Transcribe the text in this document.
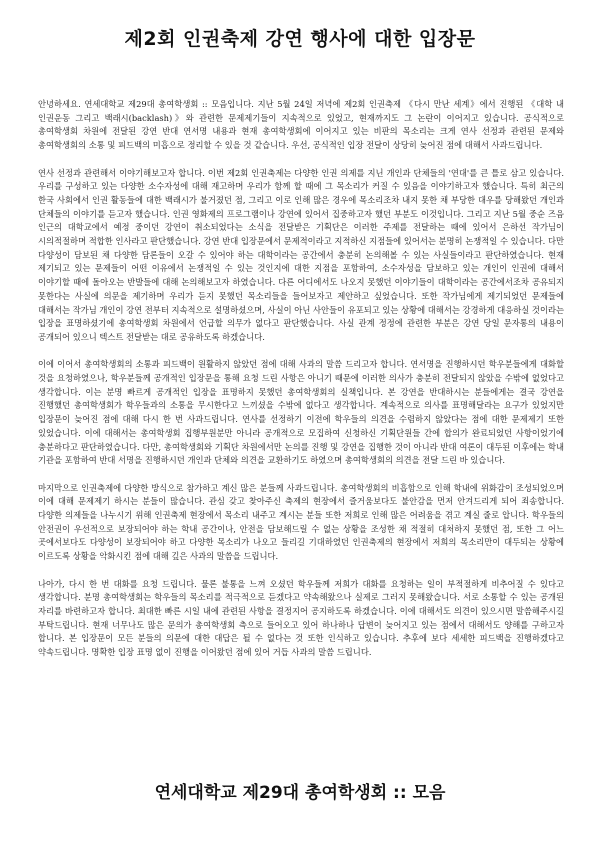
제2회 인권축제 강연 행사에 대한 입장문

안녕하세요. 연세대학교 제29대 총여학생회 :: 모음입니다. 지난 5월 24일 저녁에 제2회 인권축제 《다시 만난 세계》에서 진행된 《대학 내 인권운동 그리고 백래시(backlash)》와 관련한 문제제기들이 지속적으로 있었고, 현재까지도 그 논란이 이어지고 있습니다. 공식적으로 총여학생회 차원에 전달된 강연 반대 연서명 내용과 현재 총여학생회에 이어지고 있는 비판의 목소리는 크게 연사 선정과 관련된 문제와 총여학생회의 소통 및 피드백의 미흡으로 정리할 수 있을 것 같습니다. 우선, 공식적인 입장 전달이 상당히 늦어진 점에 대해서 사과드립니다.

연사 선정과 관련해서 이야기해보고자 합니다. 이번 제2회 인권축제는 다양한 인권 의제를 지닌 개인과 단체들의 '연대'를 큰 틀로 삼고 있습니다. 우리를 구성하고 있는 다양한 소수자성에 대해 재고하며 우리가 함께 할 때에 그 목소리가 커질 수 있음을 이야기하고자 했습니다. 특히 최근의 한국 사회에서 인권 활동들에 대한 백래시가 불거졌던 점, 그리고 이로 인해 많은 경우에 목소리조차 내지 못한 채 부당한 대우를 당해왔던 개인과 단체들의 이야기를 듣고자 했습니다. 인권 영화제의 프로그램이나 강연에 있어서 집중하고자 했던 부분도 이것입니다. 그리고 지난 5월 중순 즈음 인근의 대학교에서 예정 중이던 강연이 취소되었다는 소식을 전달받은 기획단은 이러한 주제를 전달하는 때에 있어서 은하선 작가님이 시의적절하며 적합한 인사라고 판단했습니다. 강연 반대 입장문에서 문제적이라고 지적하신 지점들에 있어서는 분명히 논쟁적일 수 있습니다. 다만 다양성이 담보된 채 다양한 담론들이 오갈 수 있어야 하는 대학이라는 공간에서 충분히 논의해볼 수 있는 사실들이라고 판단하였습니다. 현재 제기되고 있는 문제들이 어떤 이유에서 논쟁적일 수 있는 것인지에 대한 지점을 포함하여, 소수자성을 담보하고 있는 개인이 인권에 대해서 이야기할 때에 돌아오는 반발들에 대해 논의해보고자 하였습니다. 다른 어디에서도 나오지 못했던 이야기들이 대학이라는 공간에서조차 공유되지 못한다는 사실에 의문을 제기하며 우리가 듣지 못했던 목소리들을 들어보자고 제안하고 싶었습니다. 또한 작가님에게 제기되었던 문제들에 대해서는 작가님 개인이 강연 전부터 지속적으로 설명하셨으며, 사실이 아닌 사안들이 유포되고 있는 상황에 대해서는 강경하게 대응하실 것이라는 입장을 표명하셨기에 총여학생회 차원에서 언급할 의무가 없다고 판단했습니다. 사실 관계 정정에 관련한 부분은 강연 당일 문자통의 내용이 공개되어 있으니 텍스트 전달받는 대로 공유하도록 하겠습니다.

이에 이어서 총여학생회의 소통과 피드백이 원활하지 않았던 점에 대해 사과의 말씀 드리고자 합니다. 연서명을 진행하시던 학우분들에게 대화할 것을 요청하였으나, 학우분들께 공개적인 입장문을 통해 요청 드린 사항은 아니기 때문에 이러한 의사가 충분히 전달되지 않았을 수밖에 없었다고 생각합니다. 이는 분명 빠르게 공개적인 입장을 표명하지 못했던 총여학생회의 실책입니다. 본 강연을 반대하시는 분들에게는 결국 강연을 진행했던 총여학생회가 학우들과의 소통을 무시한다고 느끼셨을 수밖에 없다고 생각합니다. 계속적으로 의사를 표명해달라는 요구가 있었지만 입장문이 늦어진 점에 대해 다시 한 번 사과드립니다. 연사를 선정하기 이전에 학우들의 의견을 수렴하지 않았다는 점에 대한 문제제기 또한 있었습니다. 이에 대해서는 총여학생회 집행부원분만 아니라 공개적으로 모집하여 신청하신 기획단원들 간에 합의가 완료되었던 사항이었기에 충분하다고 판단하였습니다. 다만, 총여학생회와 기획단 차원에서만 논의를 진행 및 강연을 집행한 것이 아니라 반대 여론이 대두된 이후에는 학내 기관을 포함하여 반대 서명을 진행하시던 개인과 단체와 의견을 교환하기도 하였으며 총여학생회의 의견을 전달 드린 바 있습니다.

마지막으로 인권축제에 다양한 방식으로 참가하고 계신 많은 분들께 사과드립니다. 총여학생회의 비흡함으로 인해 학내에 위화감이 조성되었으며 이에 대해 문제제기 하시는 분들이 많습니다. 관심 갖고 찾아주신 축제의 현장에서 즐거움보다도 불안감을 먼저 안겨드리게 되어 죄송합니다. 다양한 의제들을 나누시기 위해 인권축제 현장에서 목소리 내주고 계시는 분들 또한 저희로 인해 많은 어려움을 겪고 계실 줄로 압니다. 학우들의 안전권이 우선적으로 보장되어야 하는 학내 공간이나, 안전을 담보해드릴 수 없는 상황을 조성한 채 적절히 대처하지 못했던 점, 또한 그 어느 곳에서보다도 다양성이 보장되어야 하고 다양한 목소리가 나오고 들리길 기대하였던 인권축제의 현장에서 저희의 목소리만이 대두되는 상황에 이르도록 상황을 악화시킨 점에 대해 깊은 사과의 말씀을 드립니다.

나아가, 다시 한 번 대화를 요청 드립니다. 물론 불통을 느껴 오셨던 학우들께 저희가 대화를 요청하는 일이 부적절하게 비추어질 수 있다고 생각합니다. 분명 총여학생회는 학우들의 목소리를 적극적으로 듣겠다고 약속해왔으나 실제로 그러지 못해왔습니다. 서로 소통할 수 있는 공개된 자리를 바련하고자 합니다. 최대한 빠른 시일 내에 관련된 사항을 결정지어 공지하도록 하겠습니다. 이에 대해서도 의견이 있으시면 말씀해주시길 부탁드립니다. 현재 너무나도 많은 문의가 총여학생회 측으로 들어오고 있어 하나하나 답변이 늦어지고 있는 점에서 대해서도 양해를 구하고자 합니다. 본 입장문이 모든 분들의 의문에 대한 대답은 될 수 없다는 것 또한 인식하고 있습니다. 추후에 보다 세세한 피드백을 진행하겠다고 약속드립니다. 명확한 입장 표명 없이 진행을 이어왔던 점에 있어 거듭 사과의 말씀 드립니다.

연세대학교 제29대 총여학생회 :: 모음
